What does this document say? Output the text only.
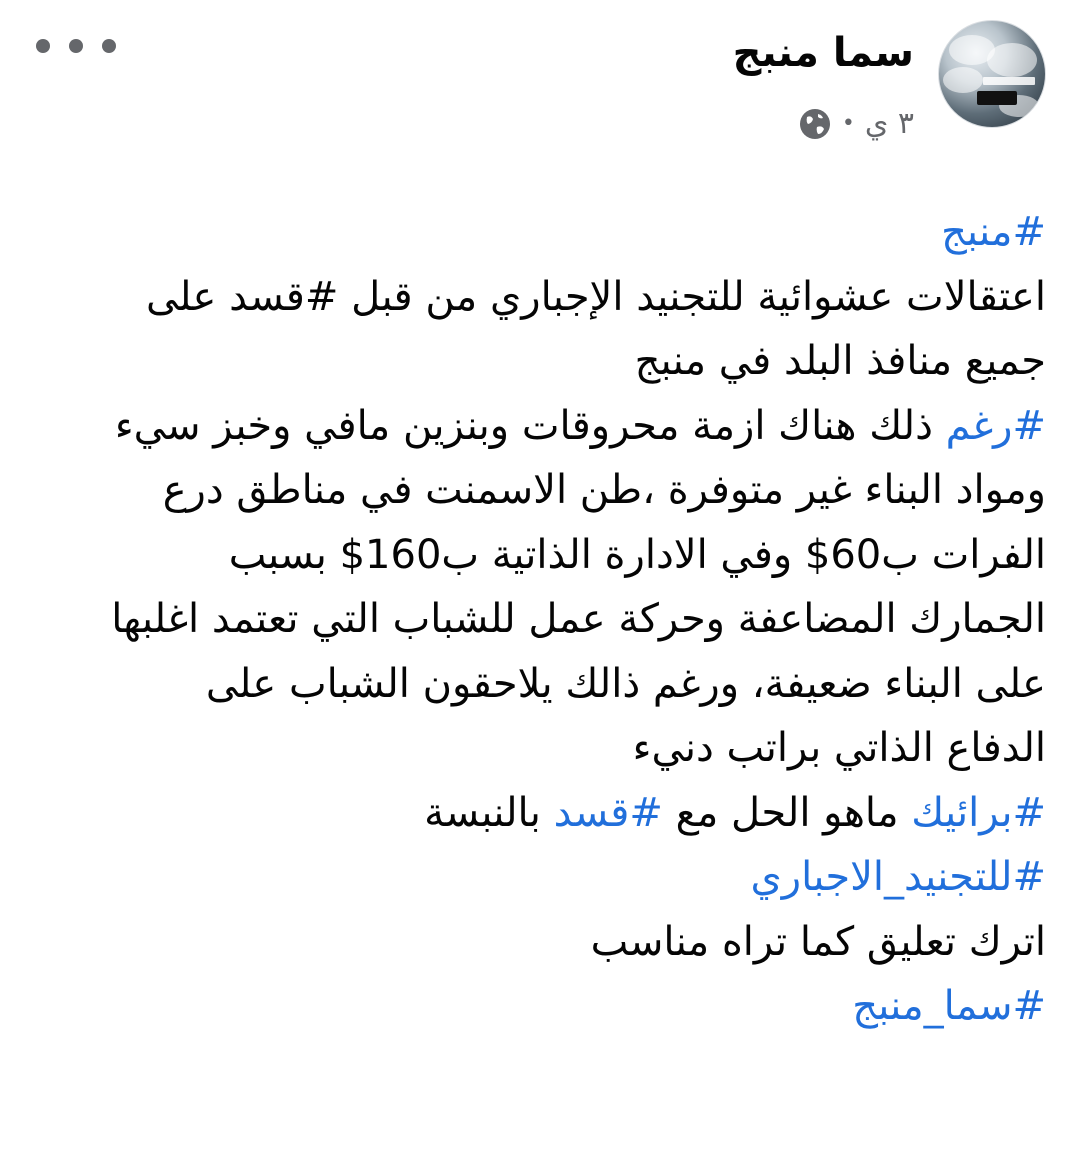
سما منبج
٣ ي
•
#منبج
اعتقالات عشوائية للتجنيد الإجباري من قبل #قسد على
جميع منافذ البلد في منبج
#رغم ذلك هناك ازمة محروقات وبنزين مافي وخبز سيء
ومواد البناء غير متوفرة ،طن الاسمنت في مناطق درع
الفرات ب60$ وفي الادارة الذاتية ب160$ بسبب
الجمارك المضاعفة وحركة عمل للشباب التي تعتمد اغلبها
على البناء ضعيفة، ورغم ذالك يلاحقون الشباب على
الدفاع الذاتي براتب دنيء
#برائيك ماهو الحل مع #قسد بالنبسة
#للتجنيد_الاجباري
اترك تعليق كما تراه مناسب
#سما_منبج
